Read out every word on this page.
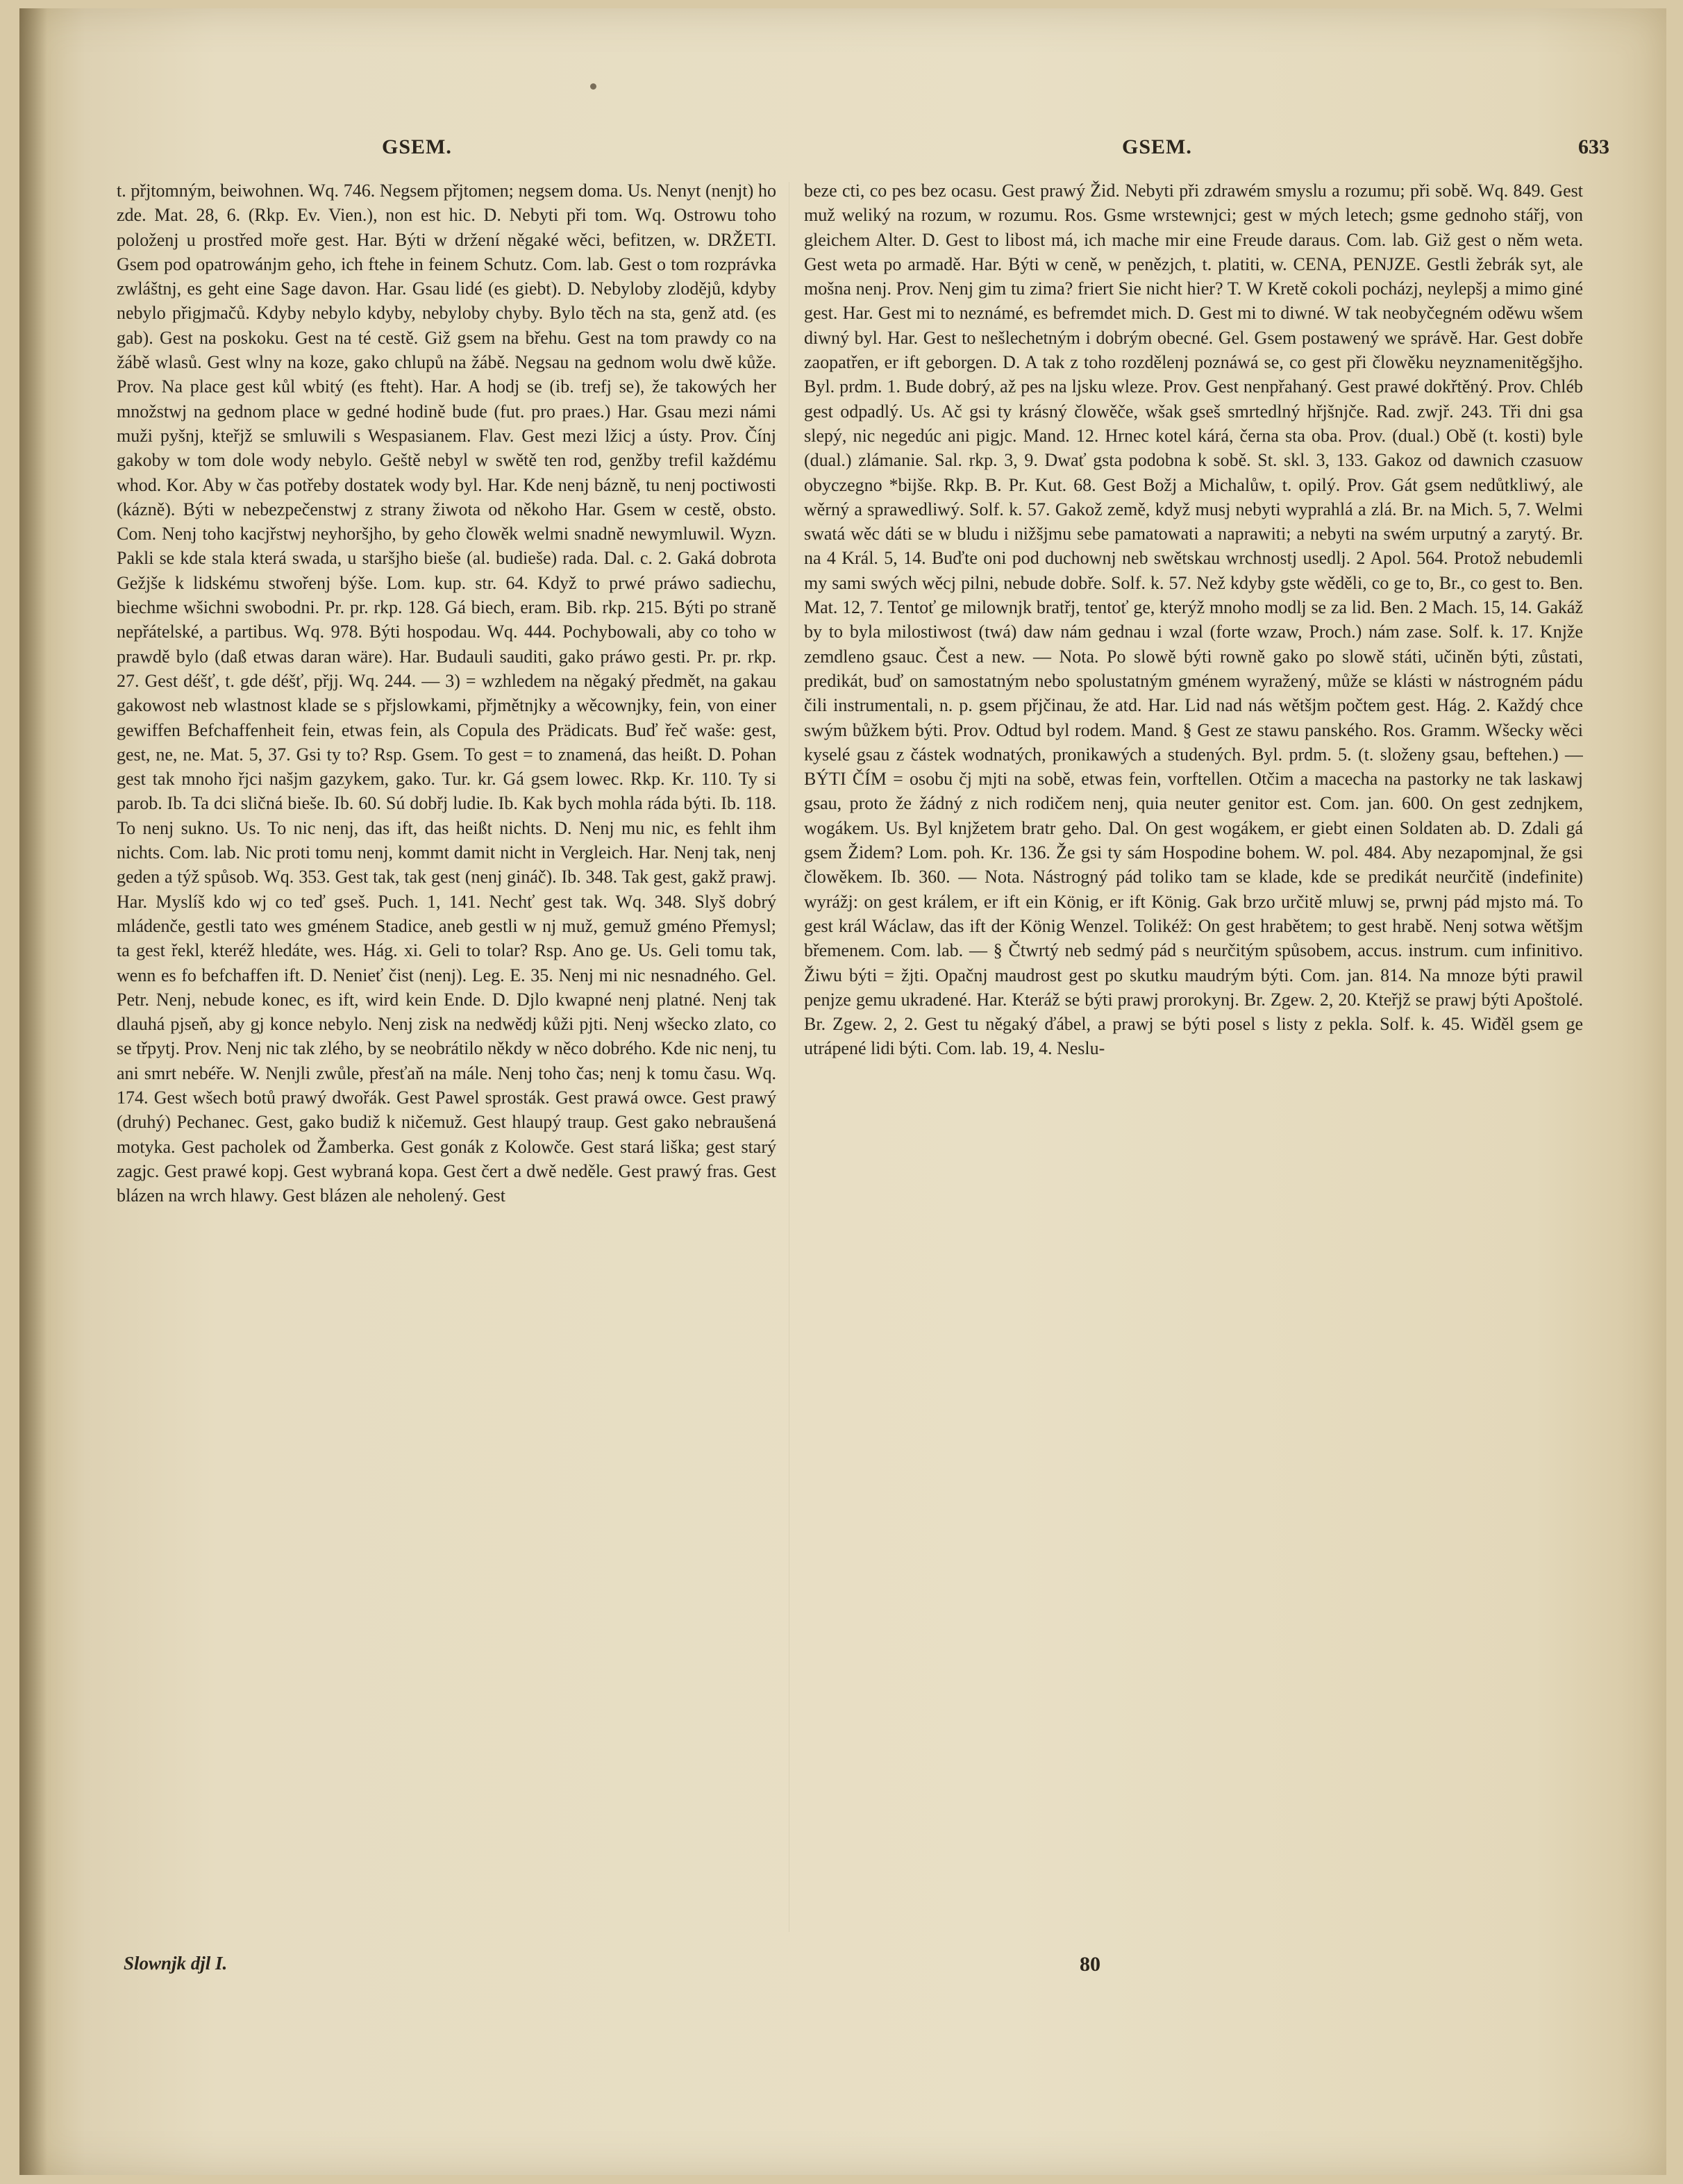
GSEM.	GSEM.	633

t. přjtomným, beiwohnen. Wq. 746. Negsem přjtomen; negsem doma. Us. Nenyt (nenjt) ho zde. Mat. 28, 6. (Rkp. Ev. Vien.), non est hic. D. Nebyti při tom. Wq. Ostrowu toho položenj u prostřed moře gest. Har. Býti w držení něgaké wěci, befitzen, w. DRŽETI. Gsem pod opatrowánjm geho, ich ftehe in feinem Schutz. Com. lab. Gest o tom rozprávka zwláštnj, es geht eine Sage davon. Har. Gsau lidé (es giebt). D. Nebyloby zlodějů, kdyby nebylo přigjmačů. Kdyby nebylo kdyby, nebyloby chyby. Bylo těch na sta, genž atd. (es gab). Gest na poskoku. Gest na té cestě. Giž gsem na břehu. Gest na tom prawdy co na žábě wlasů. Gest wlny na koze, gako chlupů na žábě. Negsau na gednom wolu dwě kůže. Prov. Na place gest kůl wbitý (es fteht). Har. A hodj se (ib. trefj se), že takowých her množstwj na gednom place w gedné hodině bude (fut. pro praes.) Har. Gsau mezi námi muži pyšnj, kteřjž se smluwili s Wespasianem. Flav. Gest mezi lžicj a ústy. Prov. Čínj gakoby w tom dole wody nebylo. Geště nebyl w swětě ten rod, genžby trefil každému whod. Kor. Aby w čas potřeby dostatek wody byl. Har. Kde nenj bázně, tu nenj poctiwosti (kázně). Býti w nebezpečenstwj z strany žiwota od někoho Har. Gsem w cestě, obsto. Com. Nenj toho kacjřstwj neyhoršjho, by geho člowěk welmi snadně newymluwil. Wyzn. Pakli se kde stala která swada, u staršjho bieše (al. budieše) rada. Dal. c. 2. Gaká dobrota Gežjše k lidskému stwořenj býše. Lom. kup. str. 64. Když to prwé práwo sadiechu, biechme wšichni swobodni. Pr. pr. rkp. 128. Gá biech, eram. Bib. rkp. 215. Býti po straně nepřátelské, a partibus. Wq. 978. Býti hospodau. Wq. 444. Pochybowali, aby co toho w prawdě bylo (daß etwas daran wäre). Har. Budauli sauditi, gako práwo gesti. Pr. pr. rkp. 27. Gest déšť, t. gde déšť, přjj. Wq. 244. — 3) = wzhledem na něgaký předmět, na gakau gakowost neb wlastnost klade se s přjslowkami, přjmětnjky a wěcownjky, fein, von einer gewiffen Befchaffenheit fein, etwas fein, als Copula des Prädicats. Buď řeč waše: gest, gest, ne, ne. Mat. 5, 37. Gsi ty to? Rsp. Gsem. To gest = to znamená, das heißt. D. Pohan gest tak mnoho řjci našjm gazykem, gako. Tur. kr. Gá gsem lowec. Rkp. Kr. 110. Ty si parob. Ib. Ta dci sličná bieše. Ib. 60. Sú dobřj ludie. Ib. Kak bych mohla ráda býti. Ib. 118. To nenj sukno. Us. To nic nenj, das ift, das heißt nichts. D. Nenj mu nic, es fehlt ihm nichts. Com. lab. Nic proti tomu nenj, kommt damit nicht in Vergleich. Har. Nenj tak, nenj geden a týž spůsob. Wq. 353. Gest tak, tak gest (nenj gináč). Ib. 348. Tak gest, gakž prawj. Har. Myslíš kdo wj co teď gseš. Puch. 1, 141. Nechť gest tak. Wq. 348. Slyš dobrý mládenče, gestli tato wes gménem Stadice, aneb gestli w nj muž, gemuž gméno Přemysl; ta gest řekl, kteréž hledáte, wes. Hág. xi. Geli to tolar? Rsp. Ano ge. Us. Geli tomu tak, wenn es fo befchaffen ift. D. Nenieť čist (nenj). Leg. E. 35. Nenj mi nic nesnadného. Gel. Petr. Nenj, nebude konec, es ift, wird kein Ende. D. Djlo kwapné nenj platné. Nenj tak dlauhá pjseň, aby gj konce nebylo. Nenj zisk na nedwědj kůži pjti. Nenj wšecko zlato, co se třpytj. Prov. Nenj nic tak zlého, by se neobrátilo někdy w něco dobrého. Kde nic nenj, tu ani smrt nebéře. W. Nenjli zwůle, přesťaň na mále. Nenj toho čas; nenj k tomu času. Wq. 174. Gest wšech botů prawý dwořák. Gest Pawel sprosták. Gest prawá owce. Gest prawý (druhý) Pechanec. Gest, gako budiž k ničemuž. Gest hlaupý traup. Gest gako nebraušená motyka. Gest pacholek od Žamberka. Gest gonák z Kolowče. Gest stará liška; gest starý zagjc. Gest prawé kopj. Gest wybraná kopa. Gest čert a dwě neděle. Gest prawý fras. Gest blázen na wrch hlawy. Gest blázen ale neholený. Gest

beze cti, co pes bez ocasu. Gest prawý Žid. Nebyti při zdrawém smyslu a rozumu; při sobě. Wq. 849. Gest muž weliký na rozum, w rozumu. Ros. Gsme wrstewnjci; gest w mých letech; gsme gednoho stářj, von gleichem Alter. D. Gest to libost má, ich mache mir eine Freude daraus. Com. lab. Giž gest o něm weta. Gest weta po armadě. Har. Býti w ceně, w penězjch, t. platiti, w. CENA, PENJZE. Gestli žebrák syt, ale mošna nenj. Prov. Nenj gim tu zima? friert Sie nicht hier? T. W Kretě cokoli pocházj, neylepšj a mimo giné gest. Har. Gest mi to neznámé, es befremdet mich. D. Gest mi to diwné. W tak neobyčegném oděwu wšem diwný byl. Har. Gest to nešlechetným i dobrým obecné. Gel. Gsem postawený we správě. Har. Gest dobře zaopatřen, er ift geborgen. D. A tak z toho rozdělenj poznáwá se, co gest při člowěku neyznamenitěgšjho. Byl. prdm. 1. Bude dobrý, až pes na ljsku wleze. Prov. Gest nenpřahaný. Gest prawé dokřtěný. Prov. Chléb gest odpadlý. Us. Ač gsi ty krásný člowěče, wšak gseš smrtedlný hřjšnjče. Rad. zwjř. 243. Tři dni gsa slepý, nic negedúc ani pigjc. Mand. 12. Hrnec kotel kárá, černa sta oba. Prov. (dual.) Obě (t. kosti) byle (dual.) zlámanie. Sal. rkp. 3, 9. Dwať gsta podobna k sobě. St. skl. 3, 133. Gakoz od dawnich czasuow obyczegno *bijše. Rkp. B. Pr. Kut. 68. Gest Božj a Michalůw, t. opilý. Prov. Gát gsem nedůtkliwý, ale wěrný a sprawedliwý. Solf. k. 57. Gakož země, když musj nebyti wyprahlá a zlá. Br. na Mich. 5, 7. Welmi swatá wěc dáti se w bludu i nižšjmu sebe pamatowati a naprawiti; a nebyti na swém urputný a zarytý. Br. na 4 Král. 5, 14. Buďte oni pod duchownj neb swětskau wrchnostj usedlj. 2 Apol. 564. Protož nebudemli my sami swých wěcj pilni, nebude dobře. Solf. k. 57. Než kdyby gste wěděli, co ge to, Br., co gest to. Ben. Mat. 12, 7. Tentoť ge milownjk bratřj, tentoť ge, kterýž mnoho modlj se za lid. Ben. 2 Mach. 15, 14. Gakáž by to byla milostiwost (twá) daw nám gednau i wzal (forte wzaw, Proch.) nám zase. Solf. k. 17. Knjže zemdleno gsauc. Čest a new. — Nota. Po slowě býti rowně gako po slowě státi, učiněn býti, zůstati, predikát, buď on samostatným nebo spolustatným gménem wyražený, může se klásti w nástrogném pádu čili instrumentali, n. p. gsem přjčinau, že atd. Har. Lid nad nás wětšjm počtem gest. Hág. 2. Každý chce swým bůžkem býti. Prov. Odtud byl rodem. Mand. § Gest ze stawu panského. Ros. Gramm. Wšecky wěci kyselé gsau z částek wodnatých, pronikawých a studených. Byl. prdm. 5. (t. složeny gsau, beftehen.) — BÝTI ČÍM = osobu čj mjti na sobě, etwas fein, vorftellen. Otčim a macecha na pastorky ne tak laskawj gsau, proto že žádný z nich rodičem nenj, quia neuter genitor est. Com. jan. 600. On gest zednjkem, wogákem. Us. Byl knjžetem bratr geho. Dal. On gest wogákem, er giebt einen Soldaten ab. D. Zdali gá gsem Židem? Lom. poh. Kr. 136. Že gsi ty sám Hospodine bohem. W. pol. 484. Aby nezapomjnal, že gsi člowěkem. Ib. 360. — Nota. Nástrogný pád toliko tam se klade, kde se predikát neurčitě (indefinite) wyrážj: on gest králem, er ift ein König, er ift König. Gak brzo určitě mluwj se, prwnj pád mjsto má. To gest král Wáclaw, das ift der König Wenzel. Tolikéž: On gest hrabětem; to gest hrabě. Nenj sotwa wětšjm břemenem. Com. lab. — § Čtwrtý neb sedmý pád s neurčitým spůsobem, accus. instrum. cum infinitivo. Žiwu býti = žjti. Opačnj maudrost gest po skutku maudrým býti. Com. jan. 814. Na mnoze býti prawil penjze gemu ukradené. Har. Kteráž se býti prawj prorokynj. Br. Zgew. 2, 20. Kteřjž se prawj býti Apoštolé. Br. Zgew. 2, 2. Gest tu něgaký ďábel, a prawj se býti posel s listy z pekla. Solf. k. 45. Wiđěl gsem ge utrápené lidi býti. Com. lab. 19, 4. Neslu-

Slownjk djl I.	80
